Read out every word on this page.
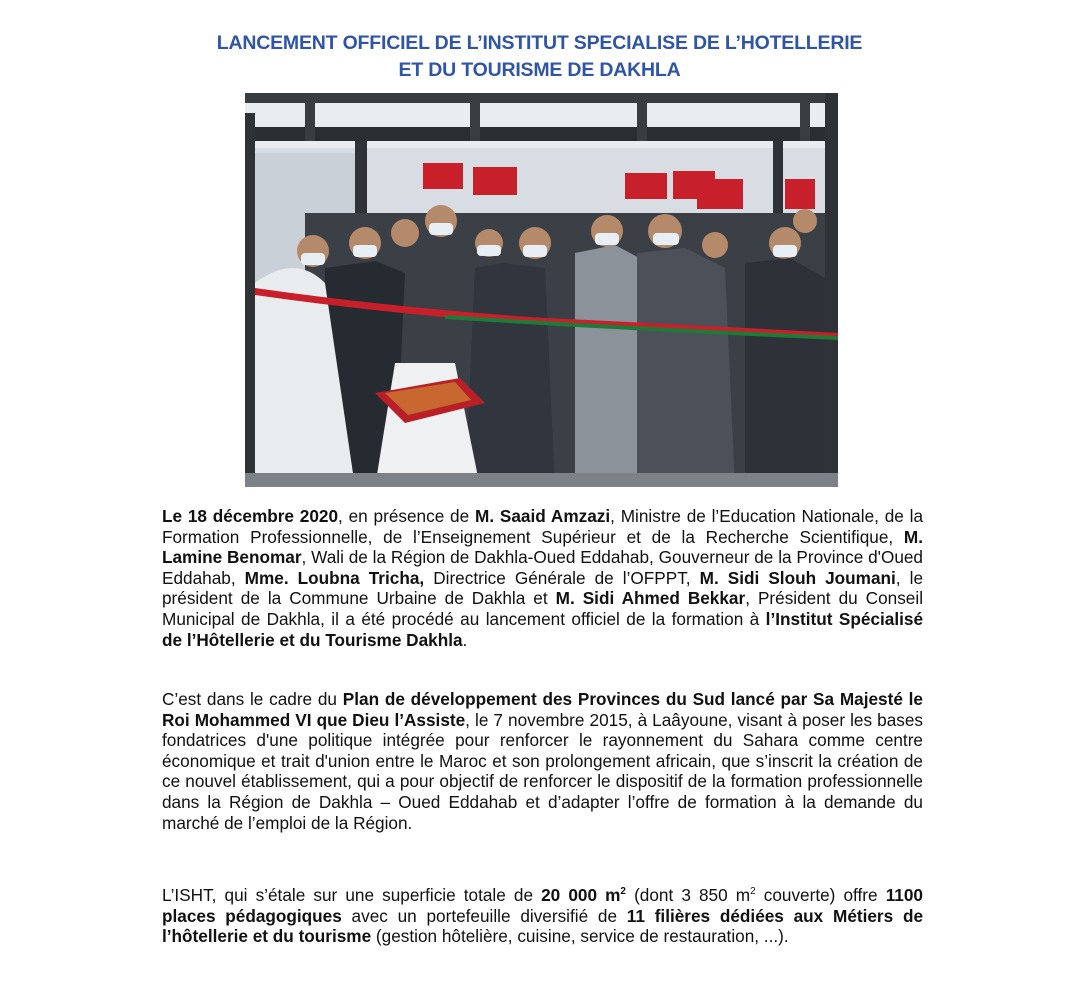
LANCEMENT OFFICIEL DE L’INSTITUT SPECIALISE DE L’HOTELLERIE
ET DU TOURISME DE DAKHLA

Le 18 décembre 2020, en présence de M. Saaid Amzazi, Ministre de l’Education Nationale, de la Formation Professionnelle, de l’Enseignement Supérieur et de la Recherche Scientifique, M. Lamine Benomar, Wali de la Région de Dakhla-Oued Eddahab, Gouverneur de la Province d'Oued Eddahab, Mme. Loubna Tricha, Directrice Générale de l’OFPPT, M. Sidi Slouh Joumani, le président de la Commune Urbaine de Dakhla et M. Sidi Ahmed Bekkar, Président du Conseil Municipal de Dakhla, il a été procédé au lancement officiel de la formation à l’Institut Spécialisé de l’Hôtellerie et du Tourisme Dakhla.

C’est dans le cadre du Plan de développement des Provinces du Sud lancé par Sa Majesté le Roi Mohammed VI que Dieu l’Assiste, le 7 novembre 2015, à Laâyoune, visant à poser les bases fondatrices d'une politique intégrée pour renforcer le rayonnement du Sahara comme centre économique et trait d'union entre le Maroc et son prolongement africain, que s’inscrit la création de ce nouvel établissement, qui a pour objectif de renforcer le dispositif de la formation professionnelle dans la Région de Dakhla – Oued Eddahab et d’adapter l’offre de formation à la demande du marché de l’emploi de la Région.

L’ISHT, qui s’étale sur une superficie totale de 20 000 $m^2$ (dont 3 850 $m^2$ couverte) offre 1100 places pédagogiques avec un portefeuille diversifié de 11 filières dédiées aux Métiers de l’hôtellerie et du tourisme (gestion hôtelière, cuisine, service de restauration, ...).
